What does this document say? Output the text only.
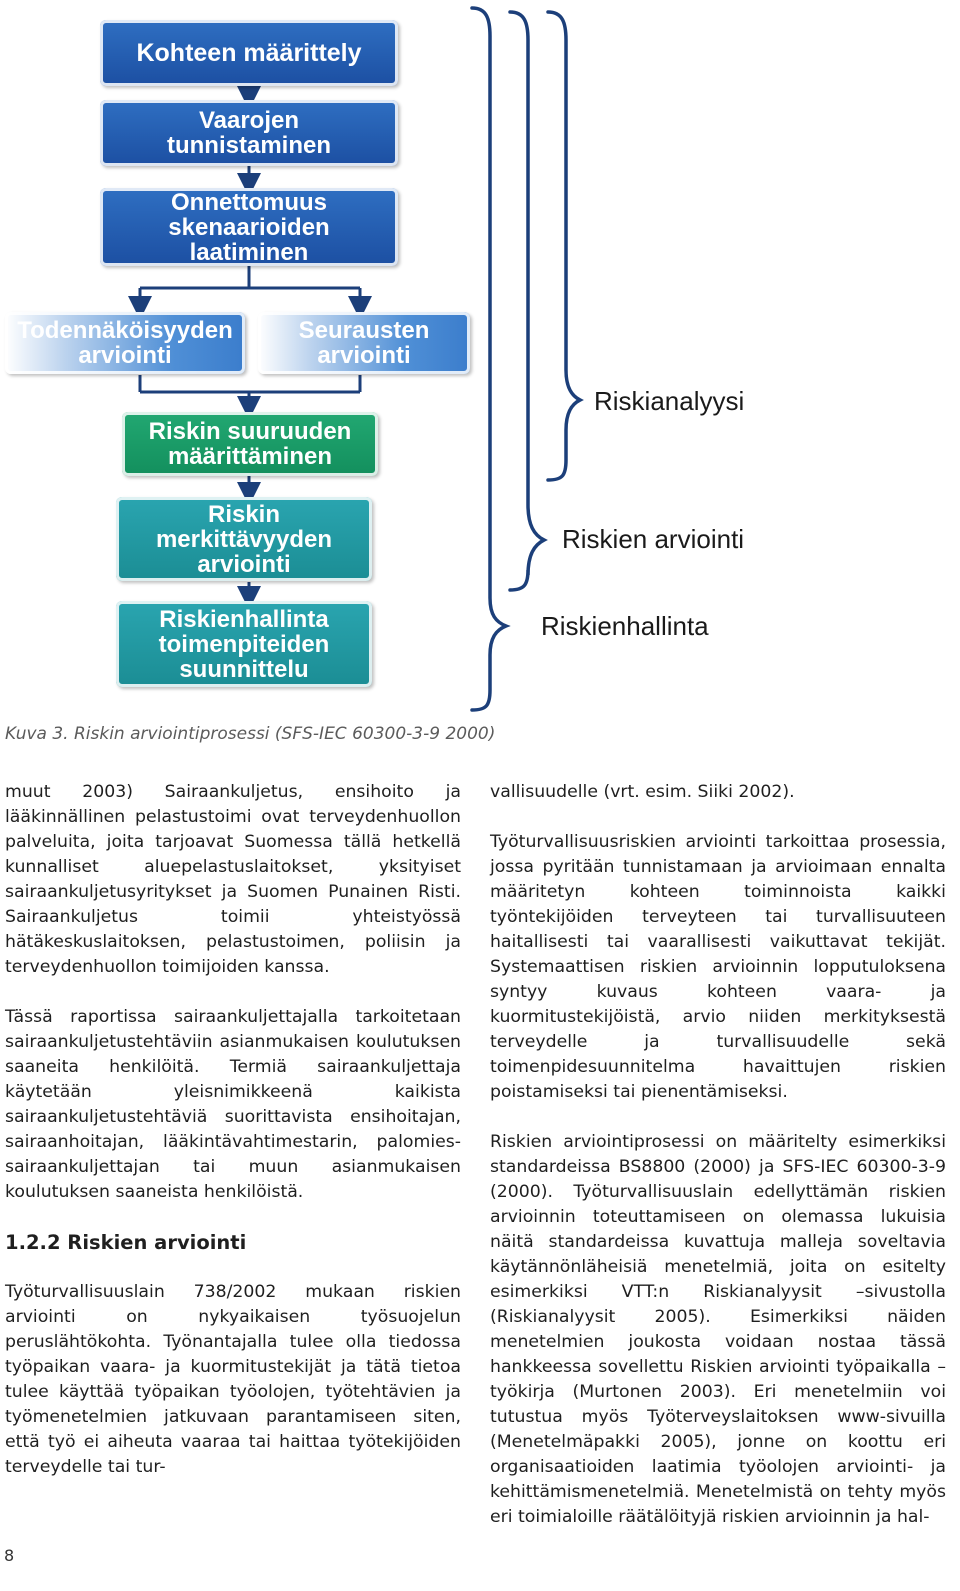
Kohteen määrittely
Vaarojen
tunnistaminen
Onnettomuus
skenaarioiden
laatiminen
Todennäköisyyden
arviointi
Seurausten
arviointi
Riskin suuruuden
määrittäminen
Riskin
merkittävyyden
arviointi
Riskienhallinta
toimenpiteiden
suunnittelu
Riskianalyysi
Riskien arviointi
Riskienhallinta
Kuva 3. Riskin arviointiprosessi (SFS-IEC 60300-3-9 2000)

muut 2003) Sairaankuljetus, ensihoito ja lääkinnällinen pelastustoimi ovat terveydenhuollon palveluita, joita tarjoavat Suomessa tällä hetkellä kunnalliset aluepelastuslaitokset, yksityiset sairaankuljetusyritykset ja Suomen Punainen Risti. Sairaankuljetus toimii yhteistyössä hätäkeskuslaitoksen, pelastustoimen, poliisin ja terveydenhuollon toimijoiden kanssa.

Tässä raportissa sairaankuljettajalla tarkoitetaan sairaankuljetustehtäviin asianmukaisen koulutuksen saaneita henkilöitä. Termiä sairaankuljettaja käytetään yleisnimikkeenä kaikista sairaankuljetustehtäviä suorittavista ensihoitajan, sairaanhoitajan, lääkintävahtimestarin, palomies-sairaankuljettajan tai muun asianmukaisen koulutuksen saaneista henkilöistä.

1.2.2 Riskien arviointi

Työturvallisuuslain 738/2002 mukaan riskien arviointi on nykyaikaisen työsuojelun peruslähtökohta. Työnantajalla tulee olla tiedossa työpaikan vaara- ja kuormitustekijät ja tätä tietoa tulee käyttää työpaikan työolojen, työtehtävien ja työmenetelmien jatkuvaan parantamiseen siten, että työ ei aiheuta vaaraa tai haittaa työtekijöiden terveydelle tai tur-

vallisuudelle (vrt. esim. Siiki 2002).

Työturvallisuusriskien arviointi tarkoittaa prosessia, jossa pyritään tunnistamaan ja arvioimaan ennalta määritetyn kohteen toiminnoista kaikki työntekijöiden terveyteen tai turvallisuuteen haitallisesti tai vaarallisesti vaikuttavat tekijät. Systemaattisen riskien arvioinnin lopputuloksena syntyy kuvaus kohteen vaara- ja kuormitustekijöistä, arvio niiden merkityksestä terveydelle ja turvallisuudelle sekä toimenpidesuunnitelma havaittujen riskien poistamiseksi tai pienentämiseksi.

Riskien arviointiprosessi on määritelty esimerkiksi standardeissa BS8800 (2000) ja SFS-IEC 60300-3-9 (2000). Työturvallisuuslain edellyttämän riskien arvioinnin toteuttamiseen on olemassa lukuisia näitä standardeissa kuvattuja malleja soveltavia käytännönläheisiä menetelmiä, joita on esitelty esimerkiksi VTT:n Riskianalyysit –sivustolla (Riskianalyysit 2005). Esimerkiksi näiden menetelmien joukosta voidaan nostaa tässä hankkeessa sovellettu Riskien arviointi työpaikalla –työkirja (Murtonen 2003). Eri menetelmiin voi tutustua myös Työterveyslaitoksen www-sivuilla (Menetelmäpakki 2005), jonne on koottu eri organisaatioiden laatimia työolojen arviointi- ja kehittämismenetelmiä. Menetelmistä on tehty myös eri toimialoille räätälöityjä riskien arvioinnin ja hal-

8
